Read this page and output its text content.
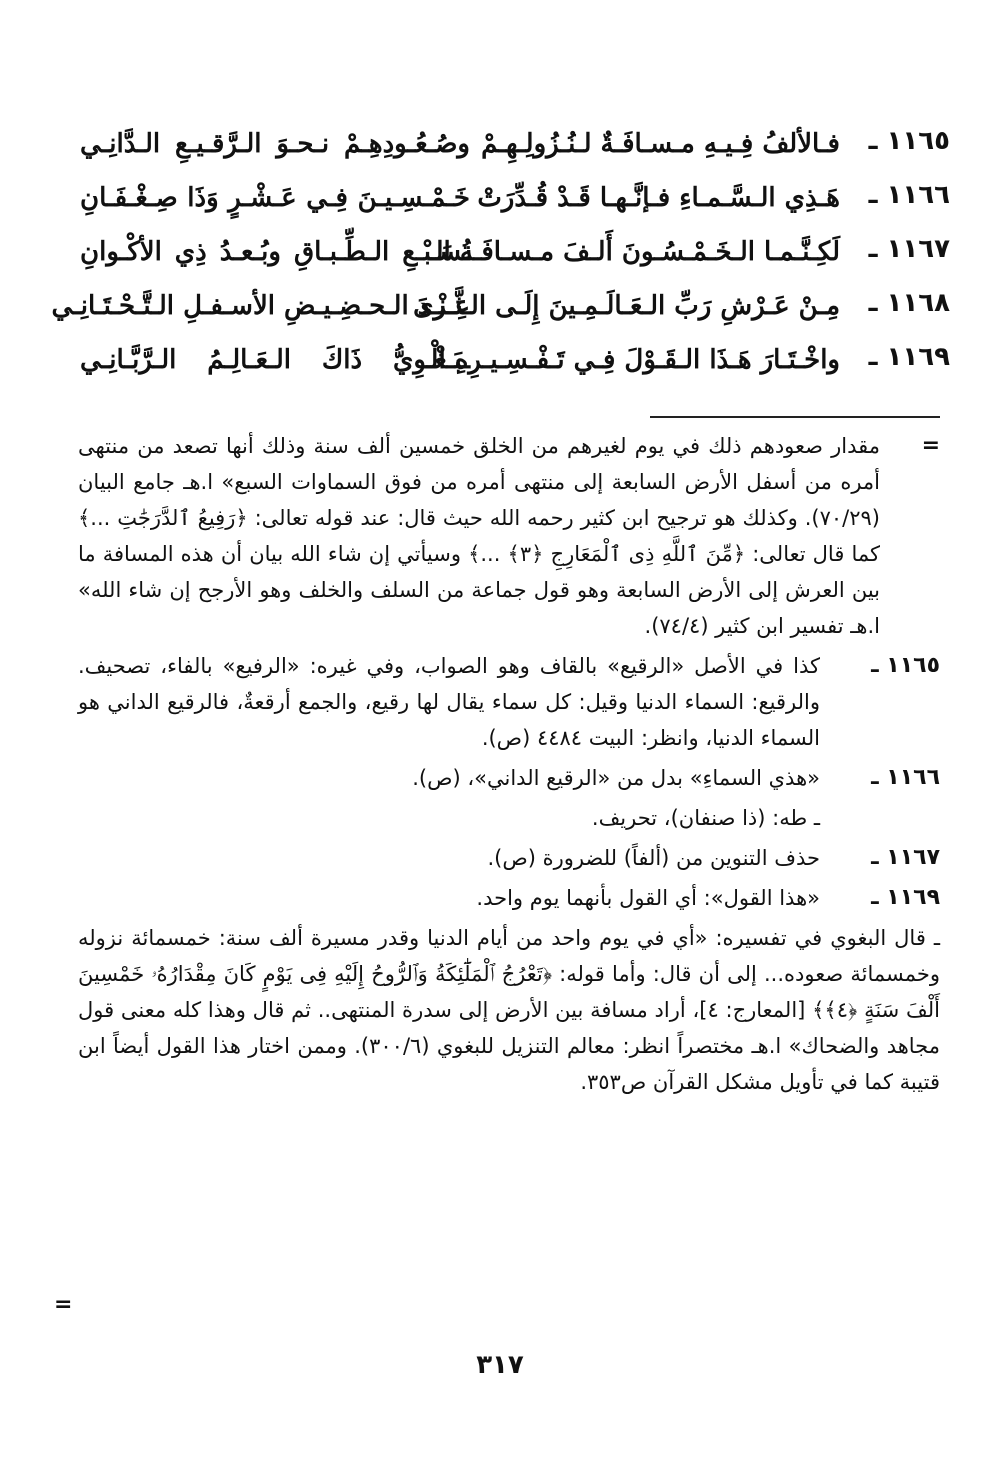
١١٦٥ ـ
فـالألفُ فِـيـهِ مـسـافَـةٌ لـنُـزُولِـهِـمْ
وصُـعُـودِهِـمْ نـحـوَ الـرَّقـيـعِ الـدَّانِـي
١١٦٦ ـ
هَـذِي الـسَّـمـاءِ فـإنَّـهـا قَـدْ قُـدِّرَتْ
خَـمْـسِـيـنَ فِـي عَـشْـرٍ وَذَا صِـغْـفَـانِ
١١٦٧ ـ
لَكِـنَّـمـا الـخَـمْـسُـونَ أَلـفَ مـسـافَـةُ الـ
ـسَـبْـعِ الـطِّـبـاقِ وبُـعـدُ ذِي الأكْـوانِ
١١٦٨ ـ
مِـنْ عَـرْشِ رَبِّ الـعَـالَـمِـينَ إِلَـى الـثَّـرى
عِـنْـدَ الـحـضِـيـضِ الأسـفـلِ الـتَّـحْـتَـانِـي
١١٦٩ ـ
واخْـتَـارَ هَـذَا الـقَـوْلَ فِـي تَـفْـسِـيـرِهِ الْـ
ـبَـغْـوِيُّ ذَاكَ الـعَـالِـمُ الـرَّبَّـانِـي
=
مقدار صعودهم ذلك في يوم لغيرهم من الخلق خمسين ألف سنة وذلك أنها تصعد من منتهى أمره من أسفل الأرض السابعة إلى منتهى أمره من فوق السماوات السبع» ا.هـ جامع البيان (٧٠/٢٩). وكذلك هو ترجيح ابن كثير رحمه الله حيث قال: عند قوله تعالى: ﴿رَفِيعُ ٱلدَّرَجَٰتِ ...﴾ كما قال تعالى: ﴿مِّنَ ٱللَّهِ ذِى ٱلْمَعَارِجِ ﴿٣﴾ ...﴾ وسيأتي إن شاء الله بيان أن هذه المسافة ما بين العرش إلى الأرض السابعة وهو قول جماعة من السلف والخلف وهو الأرجح إن شاء الله» ا.هـ تفسير ابن كثير (٧٤/٤).
١١٦٥ ـ
كذا في الأصل «الرقيع» بالقاف وهو الصواب، وفي غيره: «الرفيع» بالفاء، تصحيف. والرقيع: السماء الدنيا وقيل: كل سماء يقال لها رقيع، والجمع أرقعةٌ، فالرقيع الداني هو السماء الدنيا، وانظر: البيت ٤٤٨٤ (ص).
١١٦٦ ـ
«هذي السماءِ» بدل من «الرقيع الداني»، (ص).
ـ طه: (ذا صنفان)، تحريف.
١١٦٧ ـ
حذف التنوين من (ألفاً) للضرورة (ص).
١١٦٩ ـ
«هذا القول»: أي القول بأنهما يوم واحد.
ـ قال البغوي في تفسيره: «أي في يوم واحد من أيام الدنيا وقدر مسيرة ألف سنة: خمسمائة نزوله وخمسمائة صعوده... إلى أن قال: وأما قوله: ﴿تَعْرُجُ ٱلْمَلَٰٓئِكَةُ وَٱلرُّوحُ إِلَيْهِ فِى يَوْمٍ كَانَ مِقْدَارُهُۥ خَمْسِينَ أَلْفَ سَنَةٍ ﴿٤﴾﴾ [المعارج: ٤]، أراد مسافة بين الأرض إلى سدرة المنتهى.. ثم قال وهذا كله معنى قول مجاهد والضحاك» ا.هـ مختصراً انظر: معالم التنزيل للبغوي (٣٠٠/٦). وممن اختار هذا القول أيضاً ابن قتيبة كما في تأويل مشكل القرآن ص٣٥٣.
=
٣١٧
